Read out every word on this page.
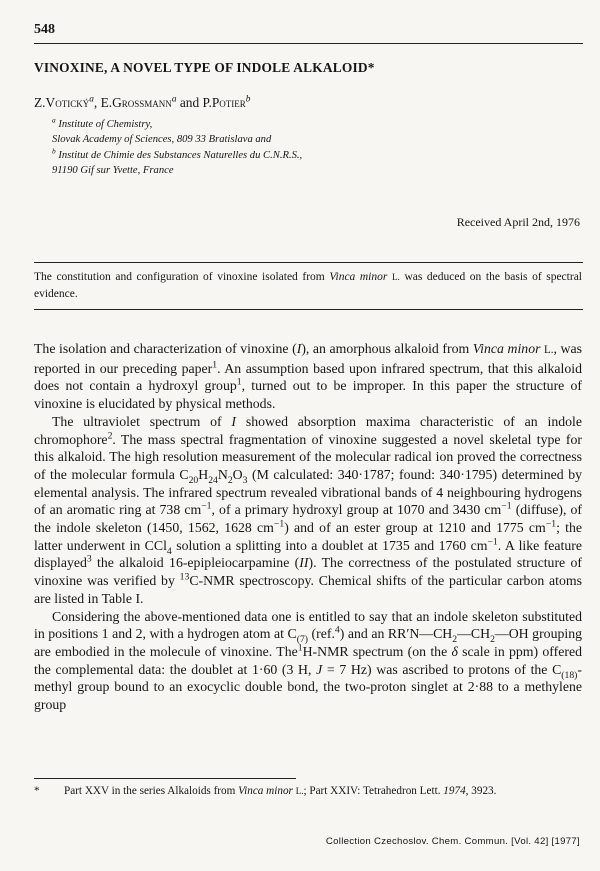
548
VINOXINE, A NOVEL TYPE OF INDOLE ALKALOID*
Z.Votický$^a$, E.Grossmann$^a$ and P.Potier$^b$
$^a$ Institute of Chemistry,
Slovak Academy of Sciences, 809 33 Bratislava and
$^b$ Institut de Chimie des Substances Naturelles du C.N.R.S.,
91190 Gif sur Yvette, France
Received April 2nd, 1976
The constitution and configuration of vinoxine isolated from Vinca minor L. was deduced on the basis of spectral evidence.

The isolation and characterization of vinoxine (I), an amorphous alkaloid from Vinca minor L., was reported in our preceding paper$^1$. An assumption based upon infrared spectrum, that this alkaloid does not contain a hydroxyl group$^1$, turned out to be improper. In this paper the structure of vinoxine is elucidated by physical methods.

The ultraviolet spectrum of I showed absorption maxima characteristic of an indole chromophore$^2$. The mass spectral fragmentation of vinoxine suggested a novel skeletal type for this alkaloid. The high resolution measurement of the molecular radical ion proved the correctness of the molecular formula $C_{20}H_{24}N_2O_3$ (M calculated: 340·1787; found: 340·1795) determined by elemental analysis. The infrared spectrum revealed vibrational bands of 4 neighbouring hydrogens of an aromatic ring at 738 $cm^{-1}$, of a primary hydroxyl group at 1070 and 3430 $cm^{-1}$ (diffuse), of the indole skeleton (1450, 1562, 1628 $cm^{-1}$) and of an ester group at 1210 and 1775 $cm^{-1}$; the latter underwent in CCl$_4$ solution a splitting into a doublet at 1735 and 1760 $cm^{-1}$. A like feature displayed$^3$ the alkaloid 16-epipleiocarpamine (II). The correctness of the postulated structure of vinoxine was verified by $^{13}$C-NMR spectroscopy. Chemical shifts of the particular carbon atoms are listed in Table I.

Considering the above-mentioned data one is entitled to say that an indole skeleton substituted in positions 1 and 2, with a hydrogen atom at $C_{(7)}$ (ref.$^4$) and an $RR'N—CH_2—CH_2—OH$ grouping are embodied in the molecule of vinoxine. The$^1$H-NMR spectrum (on the δ scale in ppm) offered the complemental data: the doublet at 1·60 (3 H, J = 7 Hz) was ascribed to protons of the $C_{(18)}$-methyl group bound to an exocyclic double bond, the two-proton singlet at 2·88 to a methylene group

* Part XXV in the series Alkaloids from Vinca minor L.; Part XXIV: Tetrahedron Lett. 1974, 3923.
Collection Czechoslov. Chem. Commun. [Vol. 42] [1977]
